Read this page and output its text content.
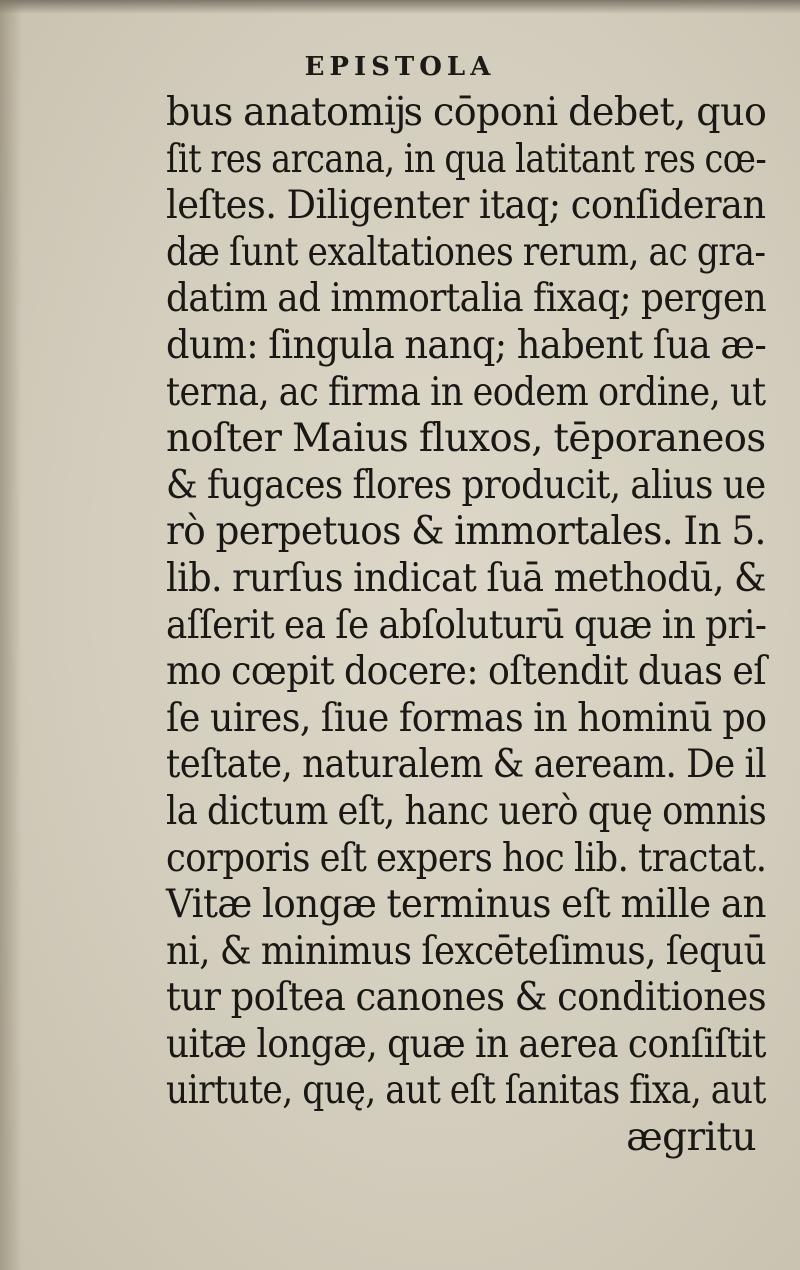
EPISTOLA
bus anatomĳs cōponi debet, quo
ſit res arcana, in qua latitant res cœ-
leſtes. Diligenter itaq; conſideran
dæ ſunt exaltationes rerum, ac gra-
datim ad immortalia fixaq; pergen
dum: ſingula nanq; habent ſua æ-
terna, ac firma in eodem ordine, ut
noſter Maius fluxos, tēporaneos
& fugaces flores producit, alius ue
rò perpetuos & immortales. In 5.
lib. rurſus indicat ſuā methodū, &
aſſerit ea ſe abſoluturū quæ in pri-
mo cœpit docere: oſtendit duas eſ
ſe uires, ſiue formas in hominū po
teſtate, naturalem & aeream. De il
la dictum eſt, hanc uerò quę omnis
corporis eſt expers hoc lib. tractat.
Vitæ longæ terminus eſt mille an
ni, & minimus ſexcēteſimus, ſequū
tur poſtea canones & conditiones
uitæ longæ, quæ in aerea conſiſtit
uirtute, quę, aut eſt ſanitas fixa, aut
ægritu
